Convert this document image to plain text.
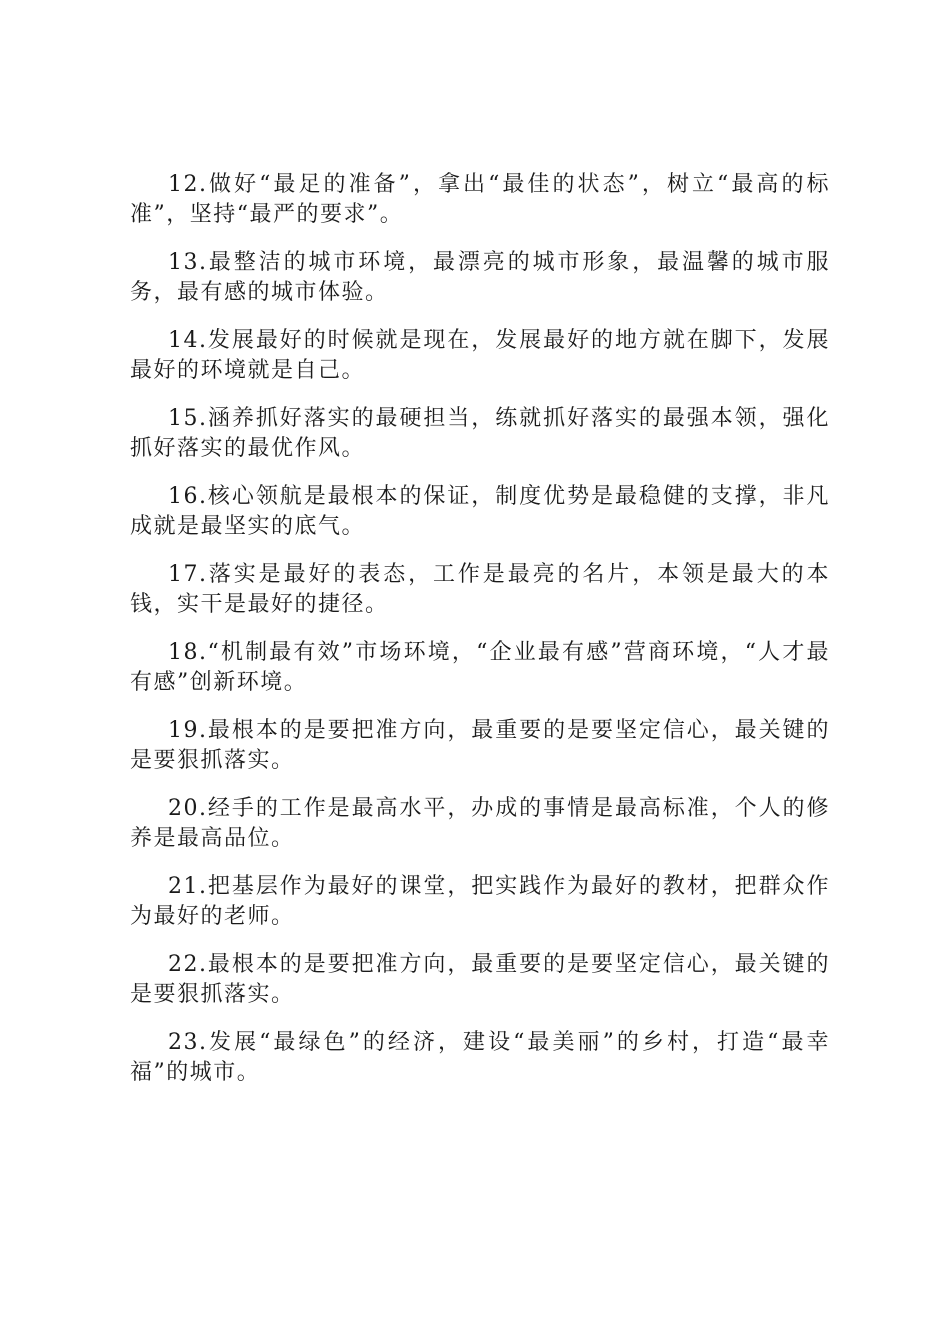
12.做好“最足的准备”，拿出“最佳的状态”，树立“最高的标准”，坚持“最严的要求”。

13.最整洁的城市环境，最漂亮的城市形象，最温馨的城市服务，最有感的城市体验。

14.发展最好的时候就是现在，发展最好的地方就在脚下，发展最好的环境就是自己。

15.涵养抓好落实的最硬担当，练就抓好落实的最强本领，强化抓好落实的最优作风。

16.核心领航是最根本的保证，制度优势是最稳健的支撑，非凡成就是最坚实的底气。

17.落实是最好的表态，工作是最亮的名片，本领是最大的本钱，实干是最好的捷径。

18.“机制最有效”市场环境，“企业最有感”营商环境，“人才最有感”创新环境。

19.最根本的是要把准方向，最重要的是要坚定信心，最关键的是要狠抓落实。

20.经手的工作是最高水平，办成的事情是最高标准，个人的修养是最高品位。

21.把基层作为最好的课堂，把实践作为最好的教材，把群众作为最好的老师。

22.最根本的是要把准方向，最重要的是要坚定信心，最关键的是要狠抓落实。

23.发展“最绿色”的经济，建设“最美丽”的乡村，打造“最幸福”的城市。
